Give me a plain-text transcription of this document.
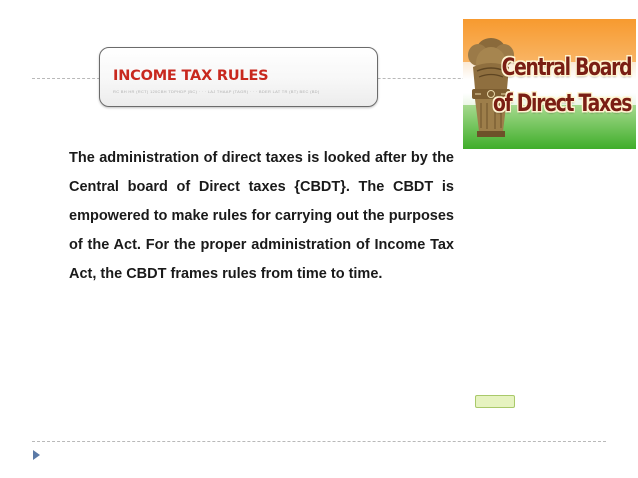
INCOME TAX RULES
RC BH HR (RCT) 120CBH TDPHDP (BC) · · · LAJ THAAP (TAGR) · · · BDER LAT TR (BT) BEC (BD)
Central Board
of Direct Taxes

The administration of direct taxes is looked after by the Central board of Direct taxes {CBDT}. The CBDT is empowered to make rules for carrying out the purposes of the Act. For the proper administration of Income Tax Act, the CBDT frames rules from time to time.
